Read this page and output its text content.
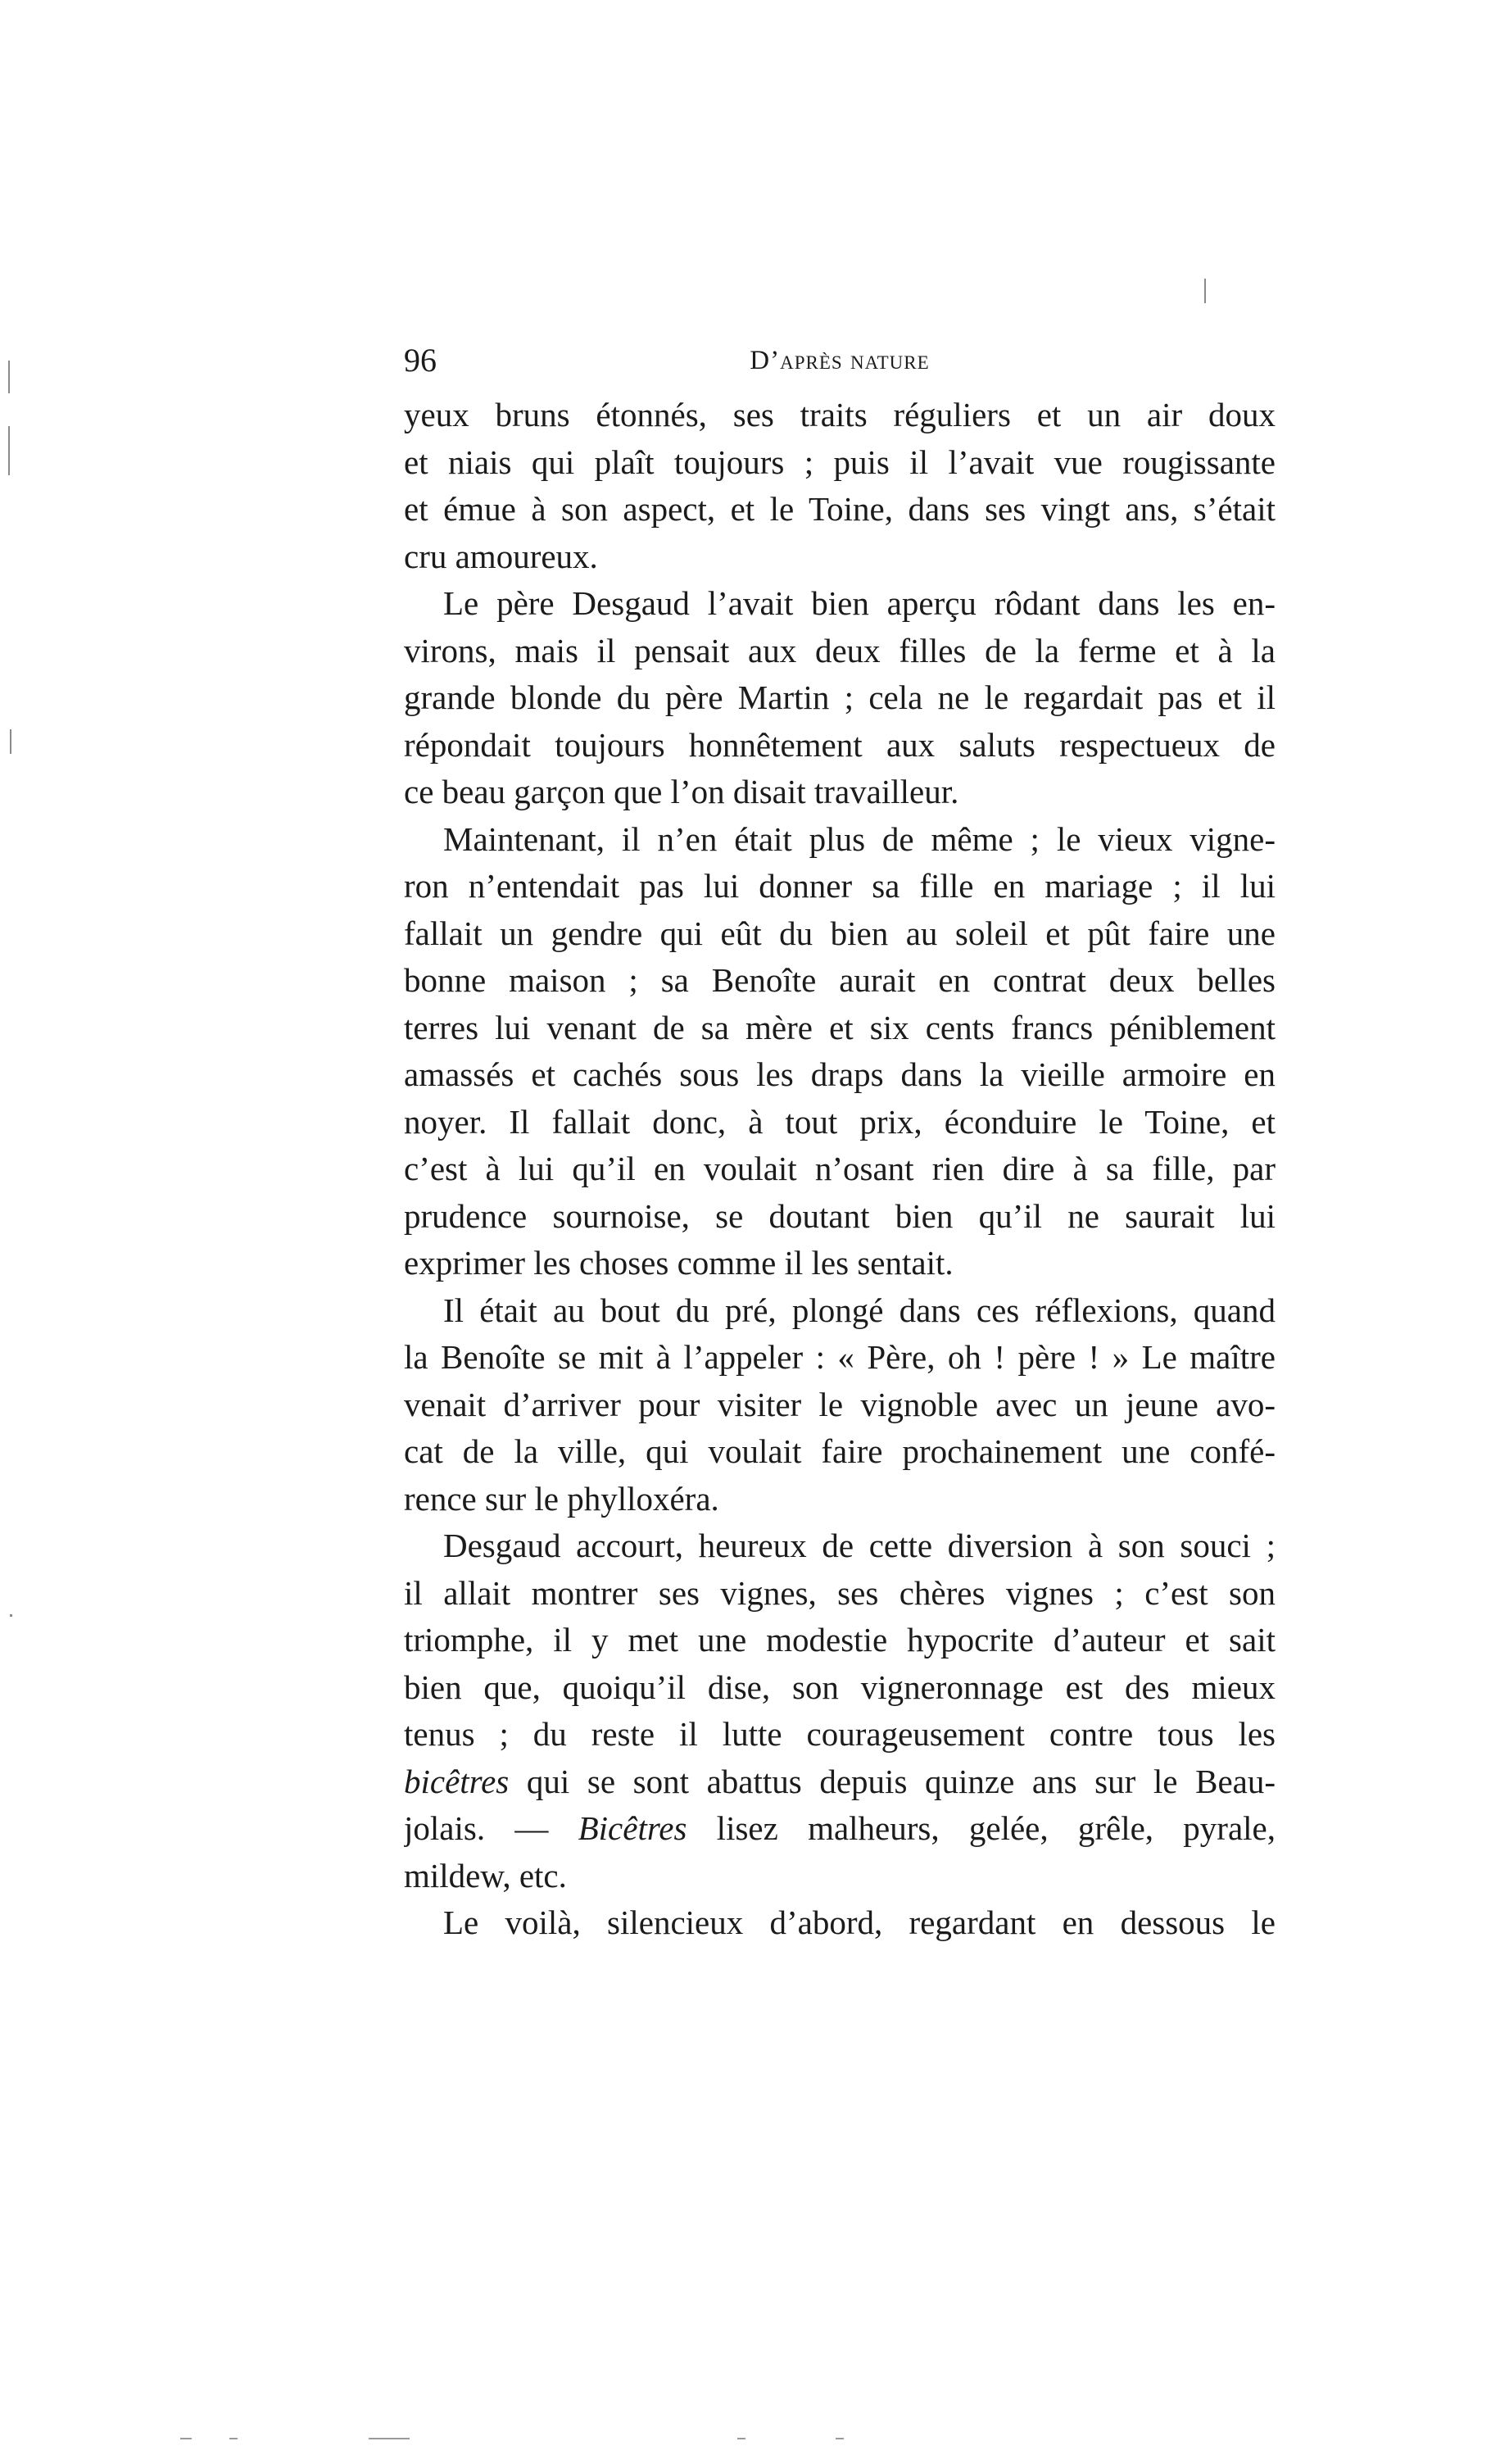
96	D’après nature
yeux bruns étonnés, ses traits réguliers et un air doux
et niais qui plaît toujours ; puis il l’avait vue rougissante
et émue à son aspect, et le Toine, dans ses vingt ans, s’était
cru amoureux.
Le père Desgaud l’avait bien aperçu rôdant dans les en-
virons, mais il pensait aux deux filles de la ferme et à la
grande blonde du père Martin ; cela ne le regardait pas et il
répondait toujours honnêtement aux saluts respectueux de
ce beau garçon que l’on disait travailleur.
Maintenant, il n’en était plus de même ; le vieux vigne-
ron n’entendait pas lui donner sa fille en mariage ; il lui
fallait un gendre qui eût du bien au soleil et pût faire une
bonne maison ; sa Benoîte aurait en contrat deux belles
terres lui venant de sa mère et six cents francs péniblement
amassés et cachés sous les draps dans la vieille armoire en
noyer. Il fallait donc, à tout prix, éconduire le Toine, et
c’est à lui qu’il en voulait n’osant rien dire à sa fille, par
prudence sournoise, se doutant bien qu’il ne saurait lui
exprimer les choses comme il les sentait.
Il était au bout du pré, plongé dans ces réflexions, quand
la Benoîte se mit à l’appeler : « Père, oh ! père ! » Le maître
venait d’arriver pour visiter le vignoble avec un jeune avo-
cat de la ville, qui voulait faire prochainement une confé-
rence sur le phylloxéra.
Desgaud accourt, heureux de cette diversion à son souci ;
il allait montrer ses vignes, ses chères vignes ; c’est son
triomphe, il y met une modestie hypocrite d’auteur et sait
bien que, quoiqu’il dise, son vigneronnage est des mieux
tenus ; du reste il lutte courageusement contre tous les
bicêtres qui se sont abattus depuis quinze ans sur le Beau-
jolais. — Bicêtres lisez malheurs, gelée, grêle, pyrale,
mildew, etc.
Le voilà, silencieux d’abord, regardant en dessous le
